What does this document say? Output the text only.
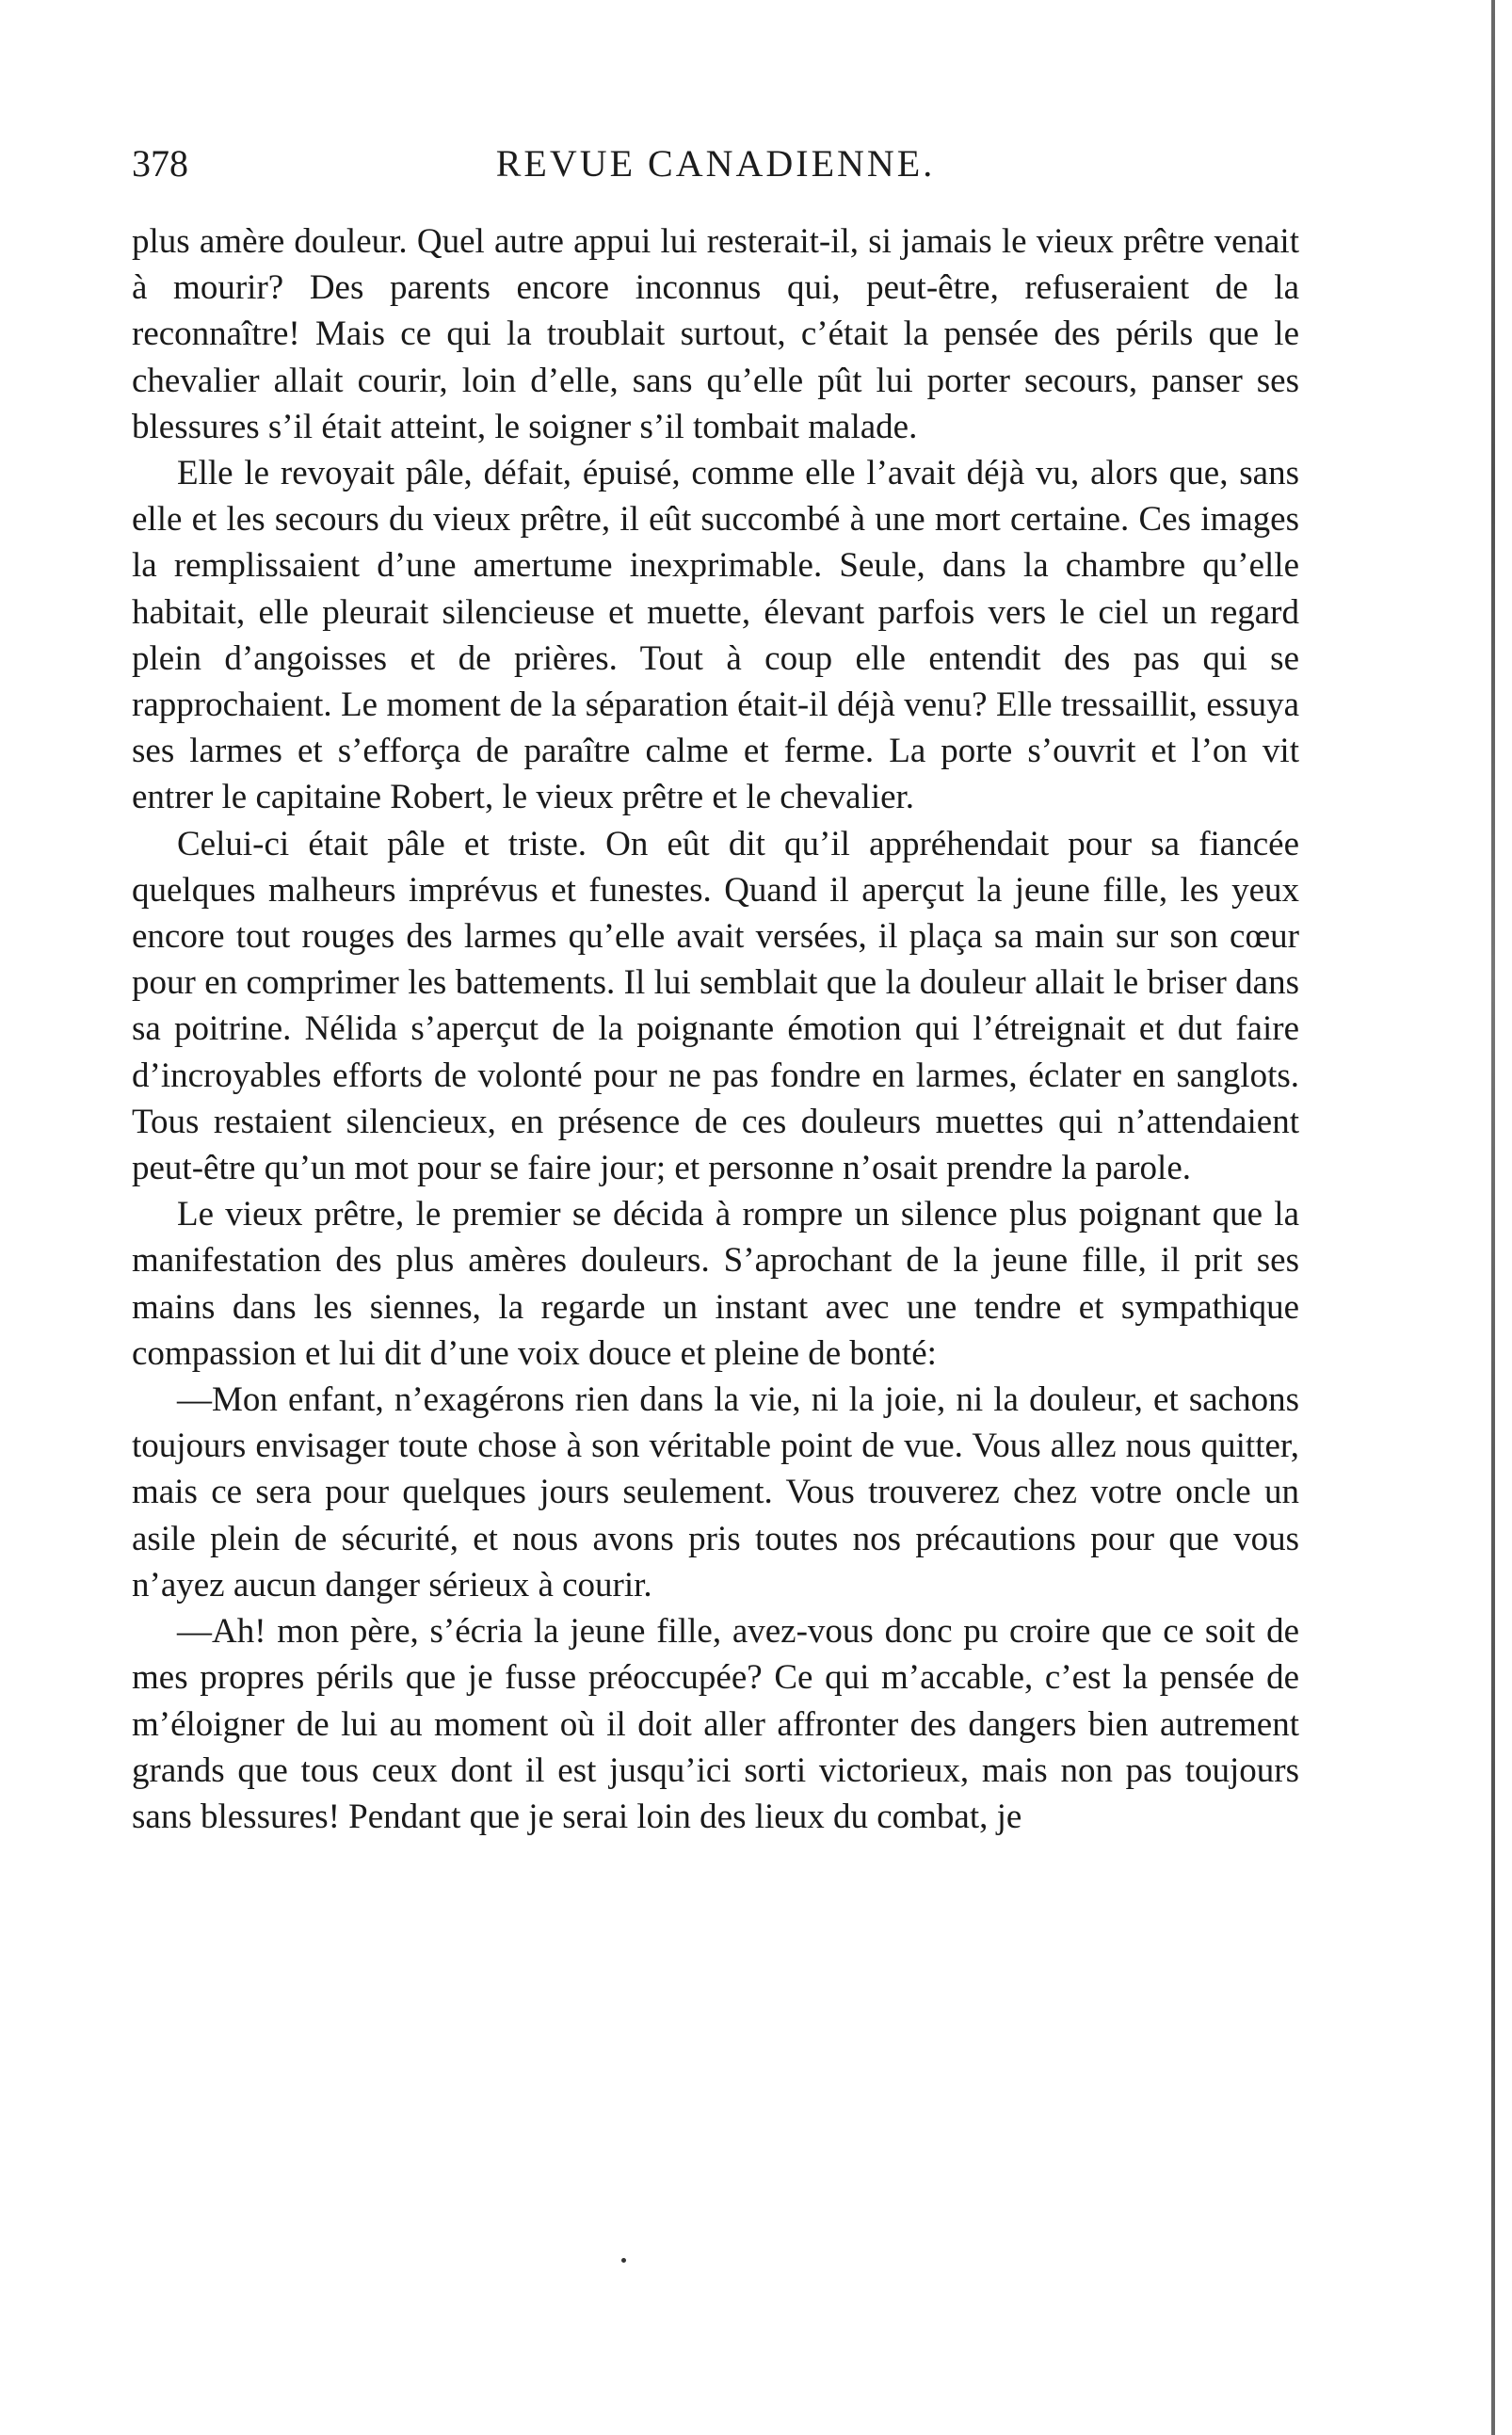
378	REVUE CANADIENNE.

plus amère douleur. Quel autre appui lui resterait-il, si jamais le vieux prêtre venait à mourir? Des parents encore inconnus qui, peut-être, refuseraient de la reconnaître! Mais ce qui la troublait surtout, c’était la pensée des périls que le chevalier allait courir, loin d’elle, sans qu’elle pût lui porter secours, panser ses blessures s’il était atteint, le soigner s’il tombait malade.

Elle le revoyait pâle, défait, épuisé, comme elle l’avait déjà vu, alors que, sans elle et les secours du vieux prêtre, il eût succombé à une mort certaine. Ces images la remplissaient d’une amertume inexprimable. Seule, dans la chambre qu’elle habitait, elle pleurait silencieuse et muette, élevant parfois vers le ciel un regard plein d’angoisses et de prières. Tout à coup elle entendit des pas qui se rapprochaient. Le moment de la séparation était-il déjà venu? Elle tressaillit, essuya ses larmes et s’efforça de paraître calme et ferme. La porte s’ouvrit et l’on vit entrer le capitaine Robert, le vieux prêtre et le chevalier.

Celui-ci était pâle et triste. On eût dit qu’il appréhendait pour sa fiancée quelques malheurs imprévus et funestes. Quand il aperçut la jeune fille, les yeux encore tout rouges des larmes qu’elle avait versées, il plaça sa main sur son cœur pour en comprimer les battements. Il lui semblait que la douleur allait le briser dans sa poitrine. Nélida s’aperçut de la poignante émotion qui l’étreignait et dut faire d’incroyables efforts de volonté pour ne pas fondre en larmes, éclater en sanglots. Tous restaient silencieux, en présence de ces douleurs muettes qui n’attendaient peut-être qu’un mot pour se faire jour; et personne n’osait prendre la parole.

Le vieux prêtre, le premier se décida à rompre un silence plus poignant que la manifestation des plus amères douleurs. S’aprochant de la jeune fille, il prit ses mains dans les siennes, la regarde un instant avec une tendre et sympathique compassion et lui dit d’une voix douce et pleine de bonté:

—Mon enfant, n’exagérons rien dans la vie, ni la joie, ni la douleur, et sachons toujours envisager toute chose à son véritable point de vue. Vous allez nous quitter, mais ce sera pour quelques jours seulement. Vous trouverez chez votre oncle un asile plein de sécurité, et nous avons pris toutes nos précautions pour que vous n’ayez aucun danger sérieux à courir.

—Ah! mon père, s’écria la jeune fille, avez-vous donc pu croire que ce soit de mes propres périls que je fusse préoccupée? Ce qui m’accable, c’est la pensée de m’éloigner de lui au moment où il doit aller affronter des dangers bien autrement grands que tous ceux dont il est jusqu’ici sorti victorieux, mais non pas toujours sans blessures! Pendant que je serai loin des lieux du combat, je
